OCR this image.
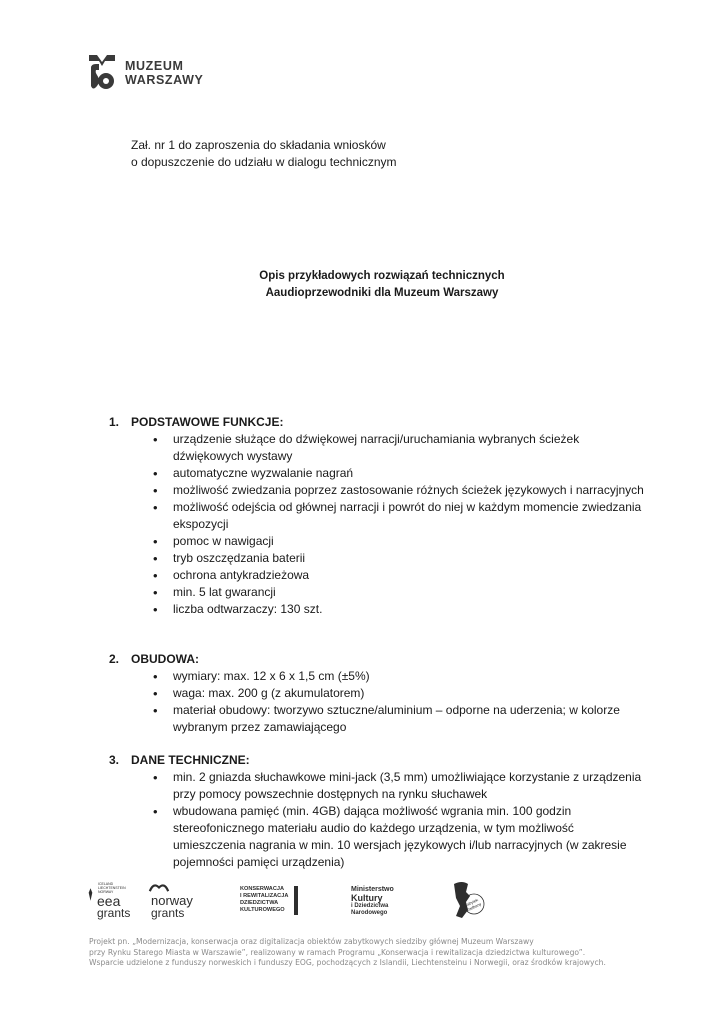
MUZEUM
WARSZAWY
Zał. nr 1 do zaproszenia do składania wniosków
o dopuszczenie do udziału w dialogu technicznym
Opis przykładowych rozwiązań technicznych
Aaudioprzewodniki dla Muzeum Warszawy
1. PODSTAWOWE FUNKCJE:
• urządzenie służące do dźwiękowej narracji/uruchamiania wybranych ścieżek dźwiękowych wystawy
• automatyczne wyzwalanie nagrań
• możliwość zwiedzania poprzez zastosowanie różnych ścieżek językowych i narracyjnych
• możliwość odejścia od głównej narracji i powrót do niej w każdym momencie zwiedzania ekspozycji
• pomoc w nawigacji
• tryb oszczędzania baterii
• ochrona antykradzieżowa
• min. 5 lat gwarancji
• liczba odtwarzaczy: 130 szt.
2. OBUDOWA:
• wymiary: max. 12 x 6 x 1,5 cm (±5%)
• waga: max. 200 g (z akumulatorem)
• materiał obudowy: tworzywo sztuczne/aluminium – odporne na uderzenia; w kolorze wybranym przez zamawiającego
3. DANE TECHNICZNE:
• min. 2 gniazda słuchawkowe mini-jack (3,5 mm) umożliwiające korzystanie z urządzenia przy pomocy powszechnie dostępnych na rynku słuchawek
• wbudowana pamięć (min. 4GB) dająca możliwość wgrania min. 100 godzin stereofonicznego materiału audio do każdego urządzenia, w tym możliwość umieszczenia nagrania w min. 10 wersjach językowych i/lub narracyjnych (w zakresie pojemności pamięci urządzenia)
ICELAND LIECHTENSTEIN NORWAY
eea
grants
norway
grants
KONSERWACJA
I REWITALIZACJA
DZIEDZICTWA
KULTUROWEGO
Ministerstwo
Kultury
i Dziedzictwa
Narodowego
Zabytek Zadbany
Projekt pn. „Modernizacja, konserwacja oraz digitalizacja obiektów zabytkowych siedziby głównej Muzeum Warszawy
przy Rynku Starego Miasta w Warszawie”, realizowany w ramach Programu „Konserwacja i rewitalizacja dziedzictwa kulturowego”.
Wsparcie udzielone z funduszy norweskich i funduszy EOG, pochodzących z Islandii, Liechtensteinu i Norwegii, oraz środków krajowych.
